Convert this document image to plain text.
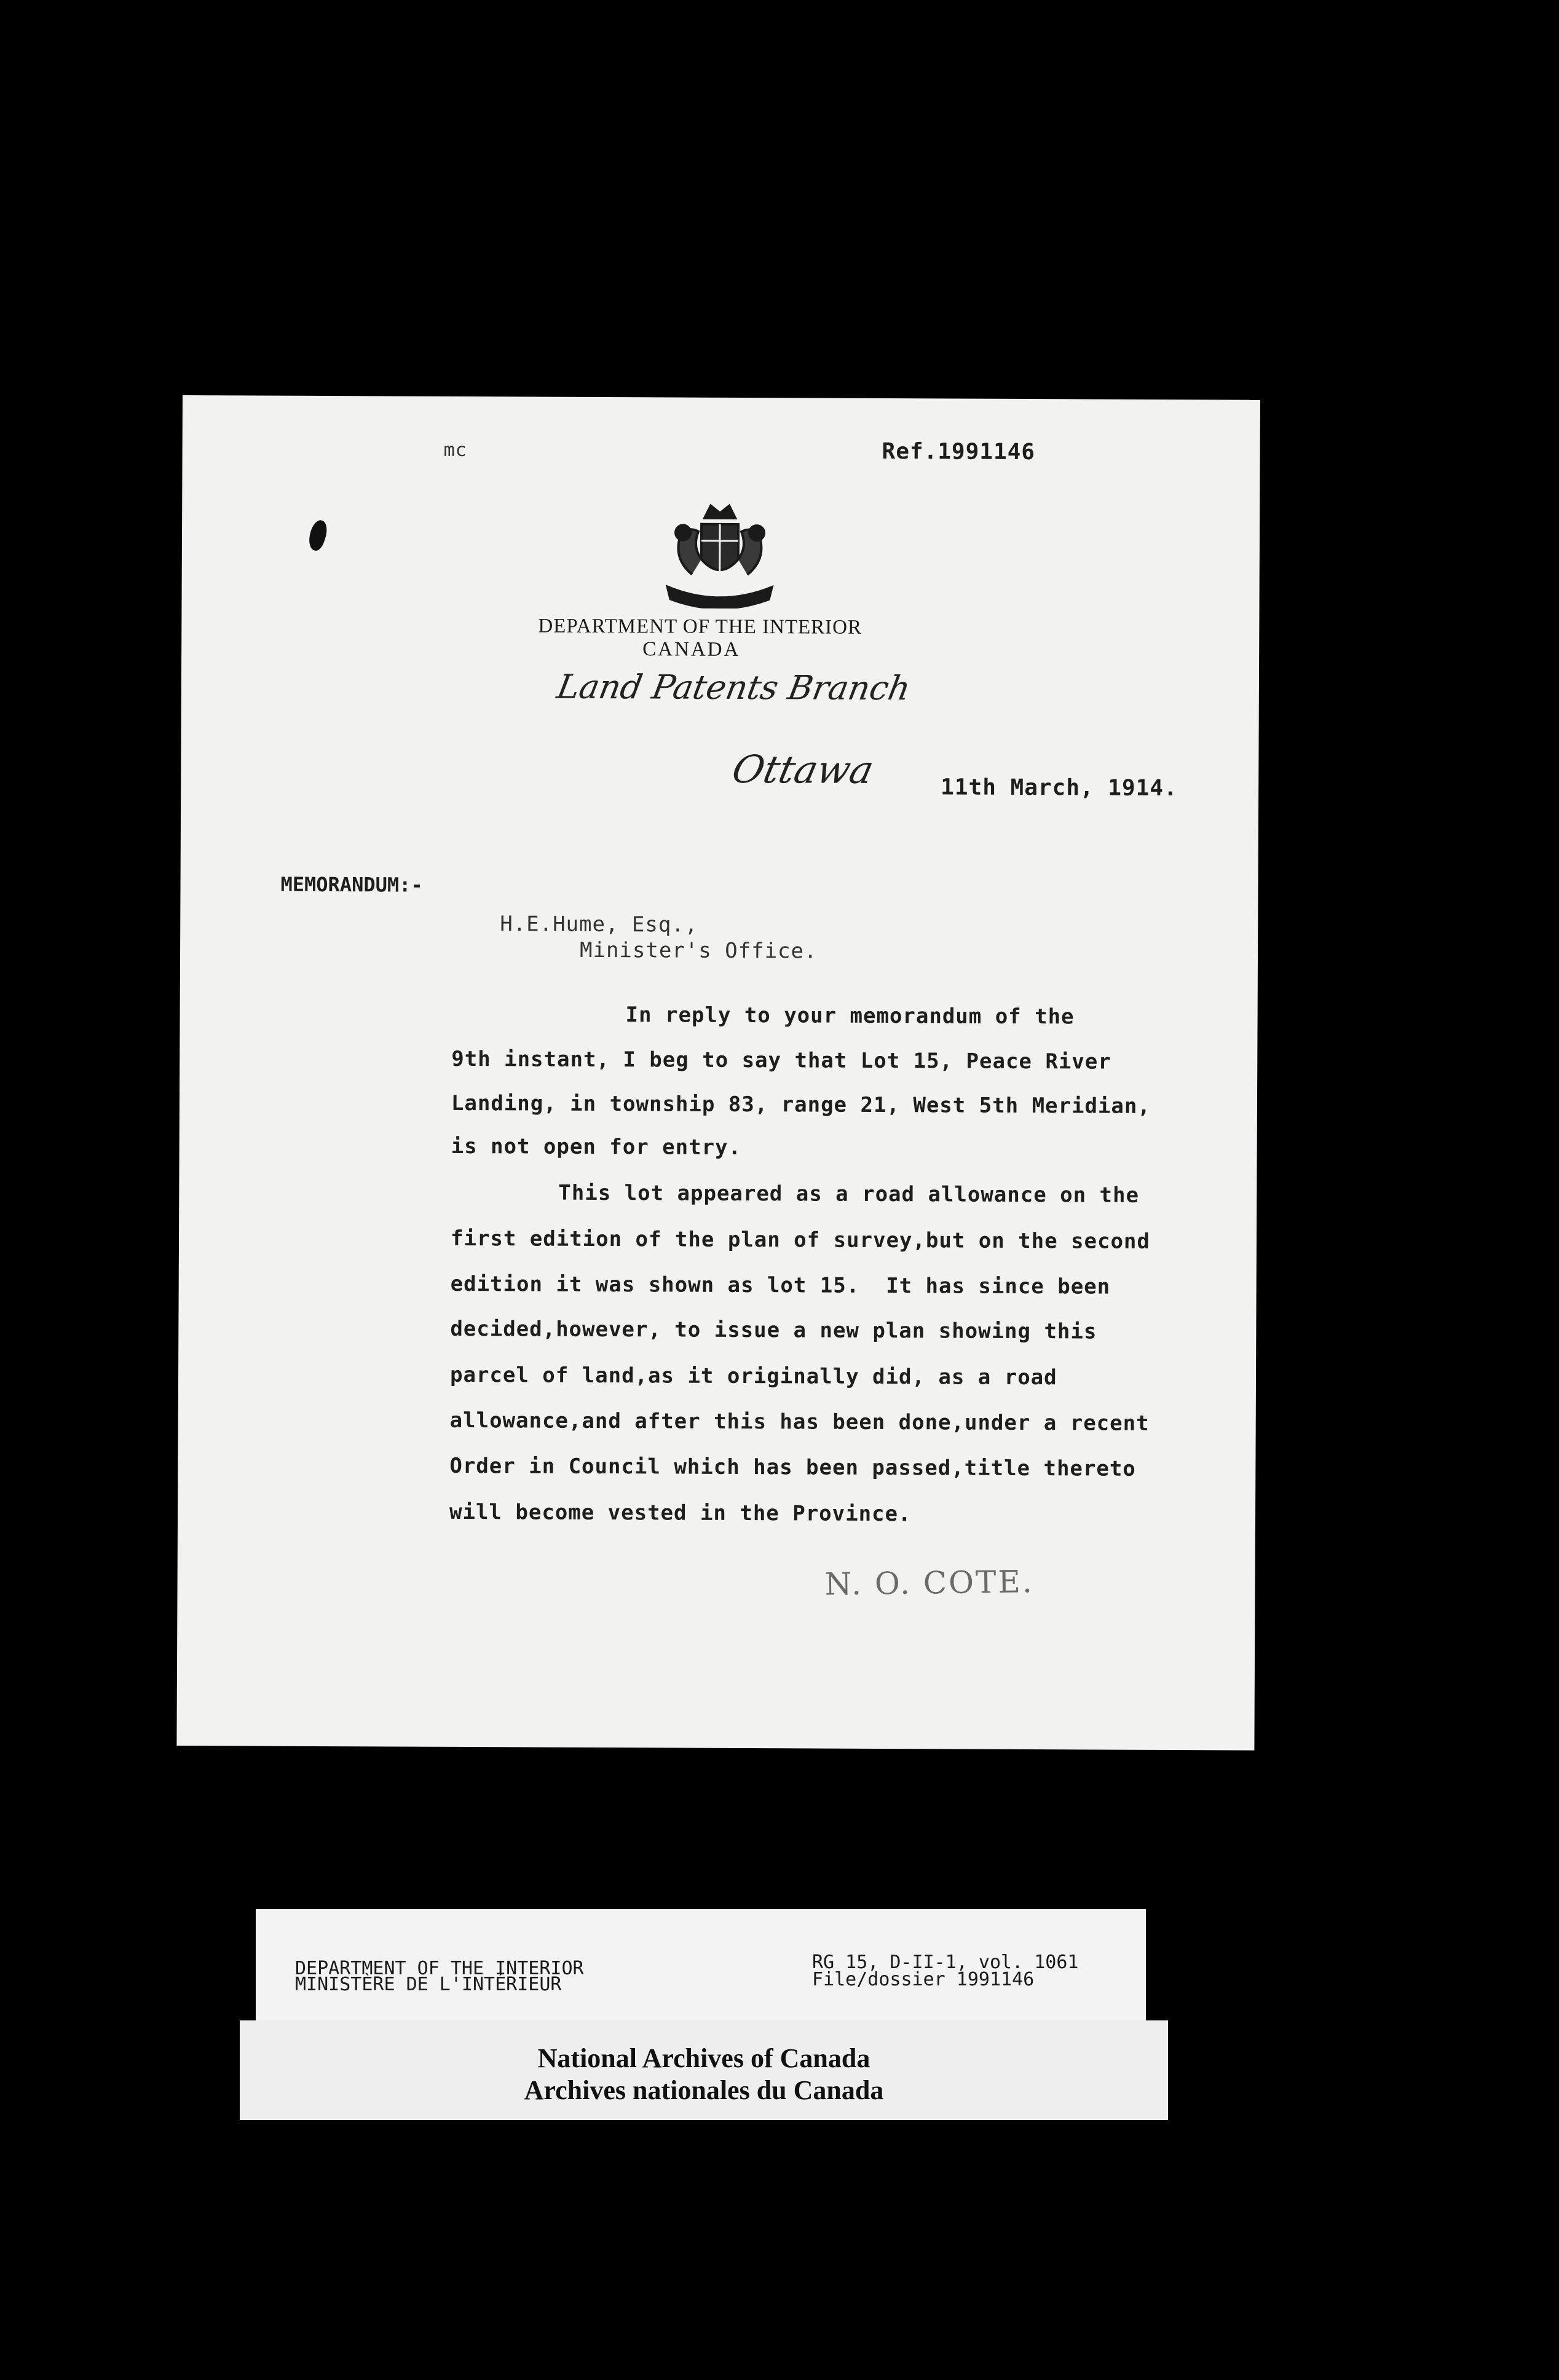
mc	Ref.1991146
DEPARTMENT OF THE INTERIOR
CANADA
Land Patents Branch
Ottawa	11th March, 1914.
MEMORANDUM:-
H.E.Hume, Esq.,
Minister's Office.
In reply to your memorandum of the
9th instant, I beg to say that Lot 15, Peace River
Landing, in township 83, range 21, West 5th Meridian,
is not open for entry.
This lot appeared as a road allowance on the
first edition of the plan of survey,but on the second
edition it was shown as lot 15.  It has since been
decided,however, to issue a new plan showing this
parcel of land,as it originally did, as a road
allowance,and after this has been done,under a recent
Order in Council which has been passed,title thereto
will become vested in the Province.
N. O. COTE.
DEPARTMENT OF THE INTERIOR
MINISTÈRE DE L'INTÉRIEUR
RG 15, D-II-1, vol. 1061
File/dossier 1991146
National Archives of Canada
Archives nationales du Canada
